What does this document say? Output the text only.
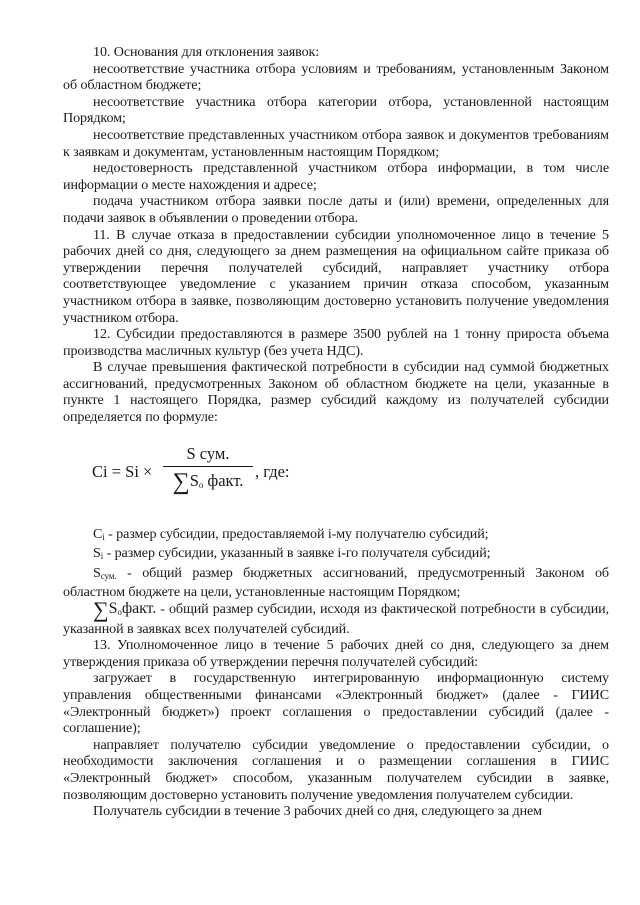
10. Основания для отклонения заявок:

несоответствие участника отбора условиям и требованиям, установленным Законом об областном бюджете;

несоответствие участника отбора категории отбора, установленной настоящим Порядком;

несоответствие представленных участником отбора заявок и документов требованиям к заявкам и документам, установленным настоящим Порядком;

недостоверность представленной участником отбора информации, в том числе информации о месте нахождения и адресе;

подача участником отбора заявки после даты и (или) времени, определенных для подачи заявок в объявлении о проведении отбора.

11. В случае отказа в предоставлении субсидии уполномоченное лицо в течение 5 рабочих дней со дня, следующего за днем размещения на официальном сайте приказа об утверждении перечня получателей субсидий, направляет участнику отбора соответствующее уведомление с указанием причин отказа способом, указанным участником отбора в заявке, позволяющим достоверно установить получение уведомления участником отбора.

12. Субсидии предоставляются в размере 3500 рублей на 1 тонну прироста объема производства масличных культур (без учета НДС).

В случае превышения фактической потребности в субсидии над суммой бюджетных ассигнований, предусмотренных Законом об областном бюджете на цели, указанные в пункте 1 настоящего Порядка, размер субсидий каждому из получателей субсидии определяется по формуле:

Ci = Si ×
S сум.
$\sum S_о$ факт. , где:

$C_i$ - размер субсидии, предоставляемой i-му получателю субсидий;

$S_i$ - размер субсидии, указанный в заявке i-го получателя субсидий;

$S_{сум.}$ - общий размер бюджетных ассигнований, предусмотренный Законом об областном бюджете на цели, установленные настоящим Порядком;

$\sum S_офакт$. - общий размер субсидии, исходя из фактической потребности в субсидии, указанной в заявках всех получателей субсидий.

13. Уполномоченное лицо в течение 5 рабочих дней со дня, следующего за днем утверждения приказа об утверждении перечня получателей субсидий:

загружает в государственную интегрированную информационную систему управления общественными финансами «Электронный бюджет» (далее - ГИИС «Электронный бюджет») проект соглашения о предоставлении субсидий (далее - соглашение);

направляет получателю субсидии уведомление о предоставлении субсидии, о необходимости заключения соглашения и о размещении соглашения в ГИИС «Электронный бюджет» способом, указанным получателем субсидии в заявке, позволяющим достоверно установить получение уведомления получателем субсидии.

Получатель субсидии в течение 3 рабочих дней со дня, следующего за днем
